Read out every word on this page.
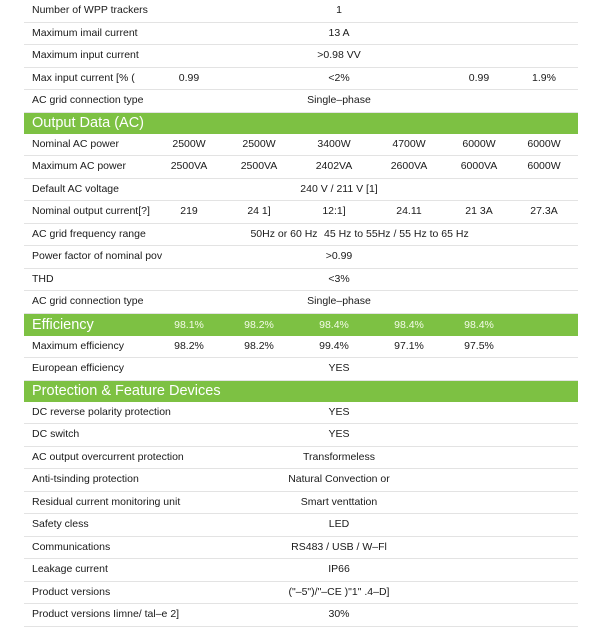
Number of WPP trackers	1
Maximum imail current	13 A
Maximum input current	>0.98 VV
Max input current [% (	0.99	<2%	0.99	1.9%
AC grid connection type	Single–phase
Output Data (AC)
Nominal AC power	2500W	2500W	3400W	4700W	6000W	6000W
Maximum AC power	2500VA	2500VA	2402VA	2600VA	6000VA	6000W
Default AC voltage	240 V / 211 V [1]
Nominal output current[?]	219	24 1]	12:1]	24.11	21 3A	27.3A
AC grid frequency range	50Hz or 60 Hz 45 Hz to 55Hz / 55 Hz to 65 Hz
Power factor of nominal pov	>0.99
THD	<3%
AC grid connection type	Single–phase
Efficiency	98.1%	98.2%	98.4%	98.4%	98.4%
Maximum efficiency	98.2%	98.2%	99.4%	97.1%	97.5%
European efficiency	YES
Protection & Feature Devices
DC reverse polarity protection	YES
DC switch	YES
AC output overcurrent protection	Transformeless
Anti-tsinding protection	Natural Convection or
Residual current monitoring unit	Smart venttation
Safety cless	LED
Communications	RS483 / USB / W–Fl
Leakage current	IP66
Product versions	("–5")/"–CE )"1" .4–D]
Product versions Iimne/ tal–e 2]	30%
